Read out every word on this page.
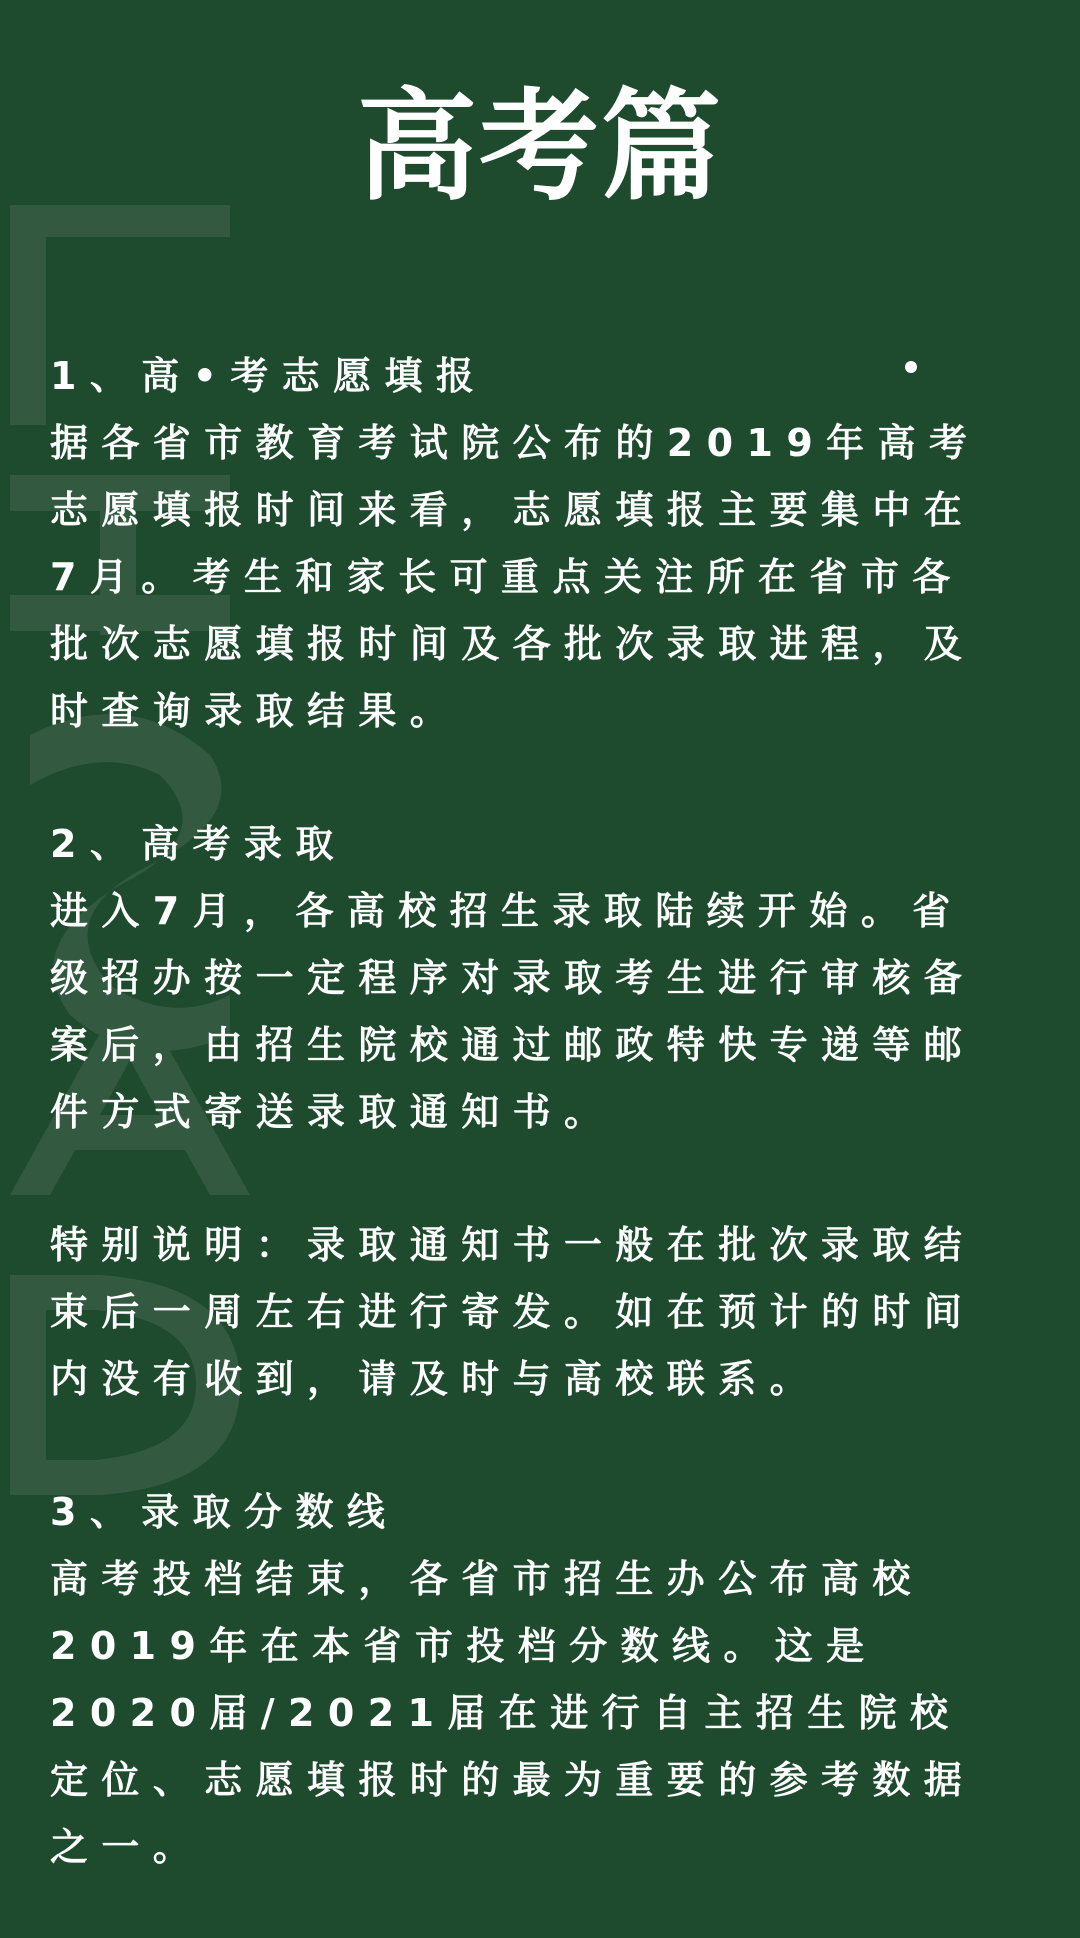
高考篇
1、高•考志愿填报
据各省市教育考试院公布的2019年高考
志愿填报时间来看，志愿填报主要集中在
7月。考生和家长可重点关注所在省市各
批次志愿填报时间及各批次录取进程，及
时查询录取结果。
2、高考录取
进入7月，各高校招生录取陆续开始。省
级招办按一定程序对录取考生进行审核备
案后，由招生院校通过邮政特快专递等邮
件方式寄送录取通知书。
特别说明：录取通知书一般在批次录取结
束后一周左右进行寄发。如在预计的时间
内没有收到，请及时与高校联系。
3、录取分数线
高考投档结束，各省市招生办公布高校
2019年在本省市投档分数线。这是
2020届/2021届在进行自主招生院校
定位、志愿填报时的最为重要的参考数据
之一。
